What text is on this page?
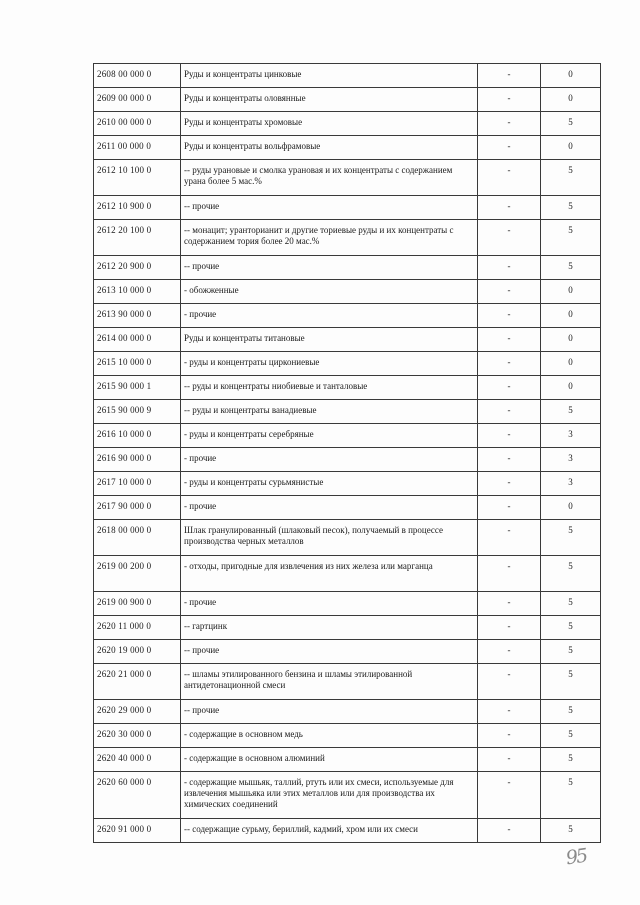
2608 00 000 0	Руды и концентраты цинковые	-	0
2609 00 000 0	Руды и концентраты оловянные	-	0
2610 00 000 0	Руды и концентраты хромовые	-	5
2611 00 000 0	Руды и концентраты вольфрамовые	-	0
2612 10 100 0	-- руды урановые и смолка урановая и их концентраты с содержанием урана более 5 мас.%	-	5
2612 10 900 0	-- прочие	-	5
2612 20 100 0	-- монацит; уранторианит и другие ториевые руды и их концентраты с содержанием тория более 20 мас.%	-	5
2612 20 900 0	-- прочие	-	5
2613 10 000 0	- обожженные	-	0
2613 90 000 0	- прочие	-	0
2614 00 000 0	Руды и концентраты титановые	-	0
2615 10 000 0	- руды и концентраты циркониевые	-	0
2615 90 000 1	-- руды и концентраты ниобиевые и танталовые	-	0
2615 90 000 9	-- руды и концентраты ванадиевые	-	5
2616 10 000 0	- руды и концентраты серебряные	-	3
2616 90 000 0	- прочие	-	3
2617 10 000 0	- руды и концентраты сурьмянистые	-	3
2617 90 000 0	- прочие	-	0
2618 00 000 0	Шлак гранулированный (шлаковый песок), получаемый в процессе производства черных металлов	-	5
2619 00 200 0	- отходы, пригодные для извлечения из них железа или марганца	-	5
2619 00 900 0	- прочие	-	5
2620 11 000 0	-- гартцинк	-	5
2620 19 000 0	-- прочие	-	5
2620 21 000 0	-- шламы этилированного бензина и шламы этилированной антидетонационной смеси	-	5
2620 29 000 0	-- прочие	-	5
2620 30 000 0	- содержащие в основном медь	-	5
2620 40 000 0	- содержащие в основном алюминий	-	5
2620 60 000 0	- содержащие мышьяк, таллий, ртуть или их смеси, используемые для извлечения мышьяка или этих металлов или для производства их химических соединений	-	5
2620 91 000 0	-- содержащие сурьму, бериллий, кадмий, хром или их смеси	-	5
95
